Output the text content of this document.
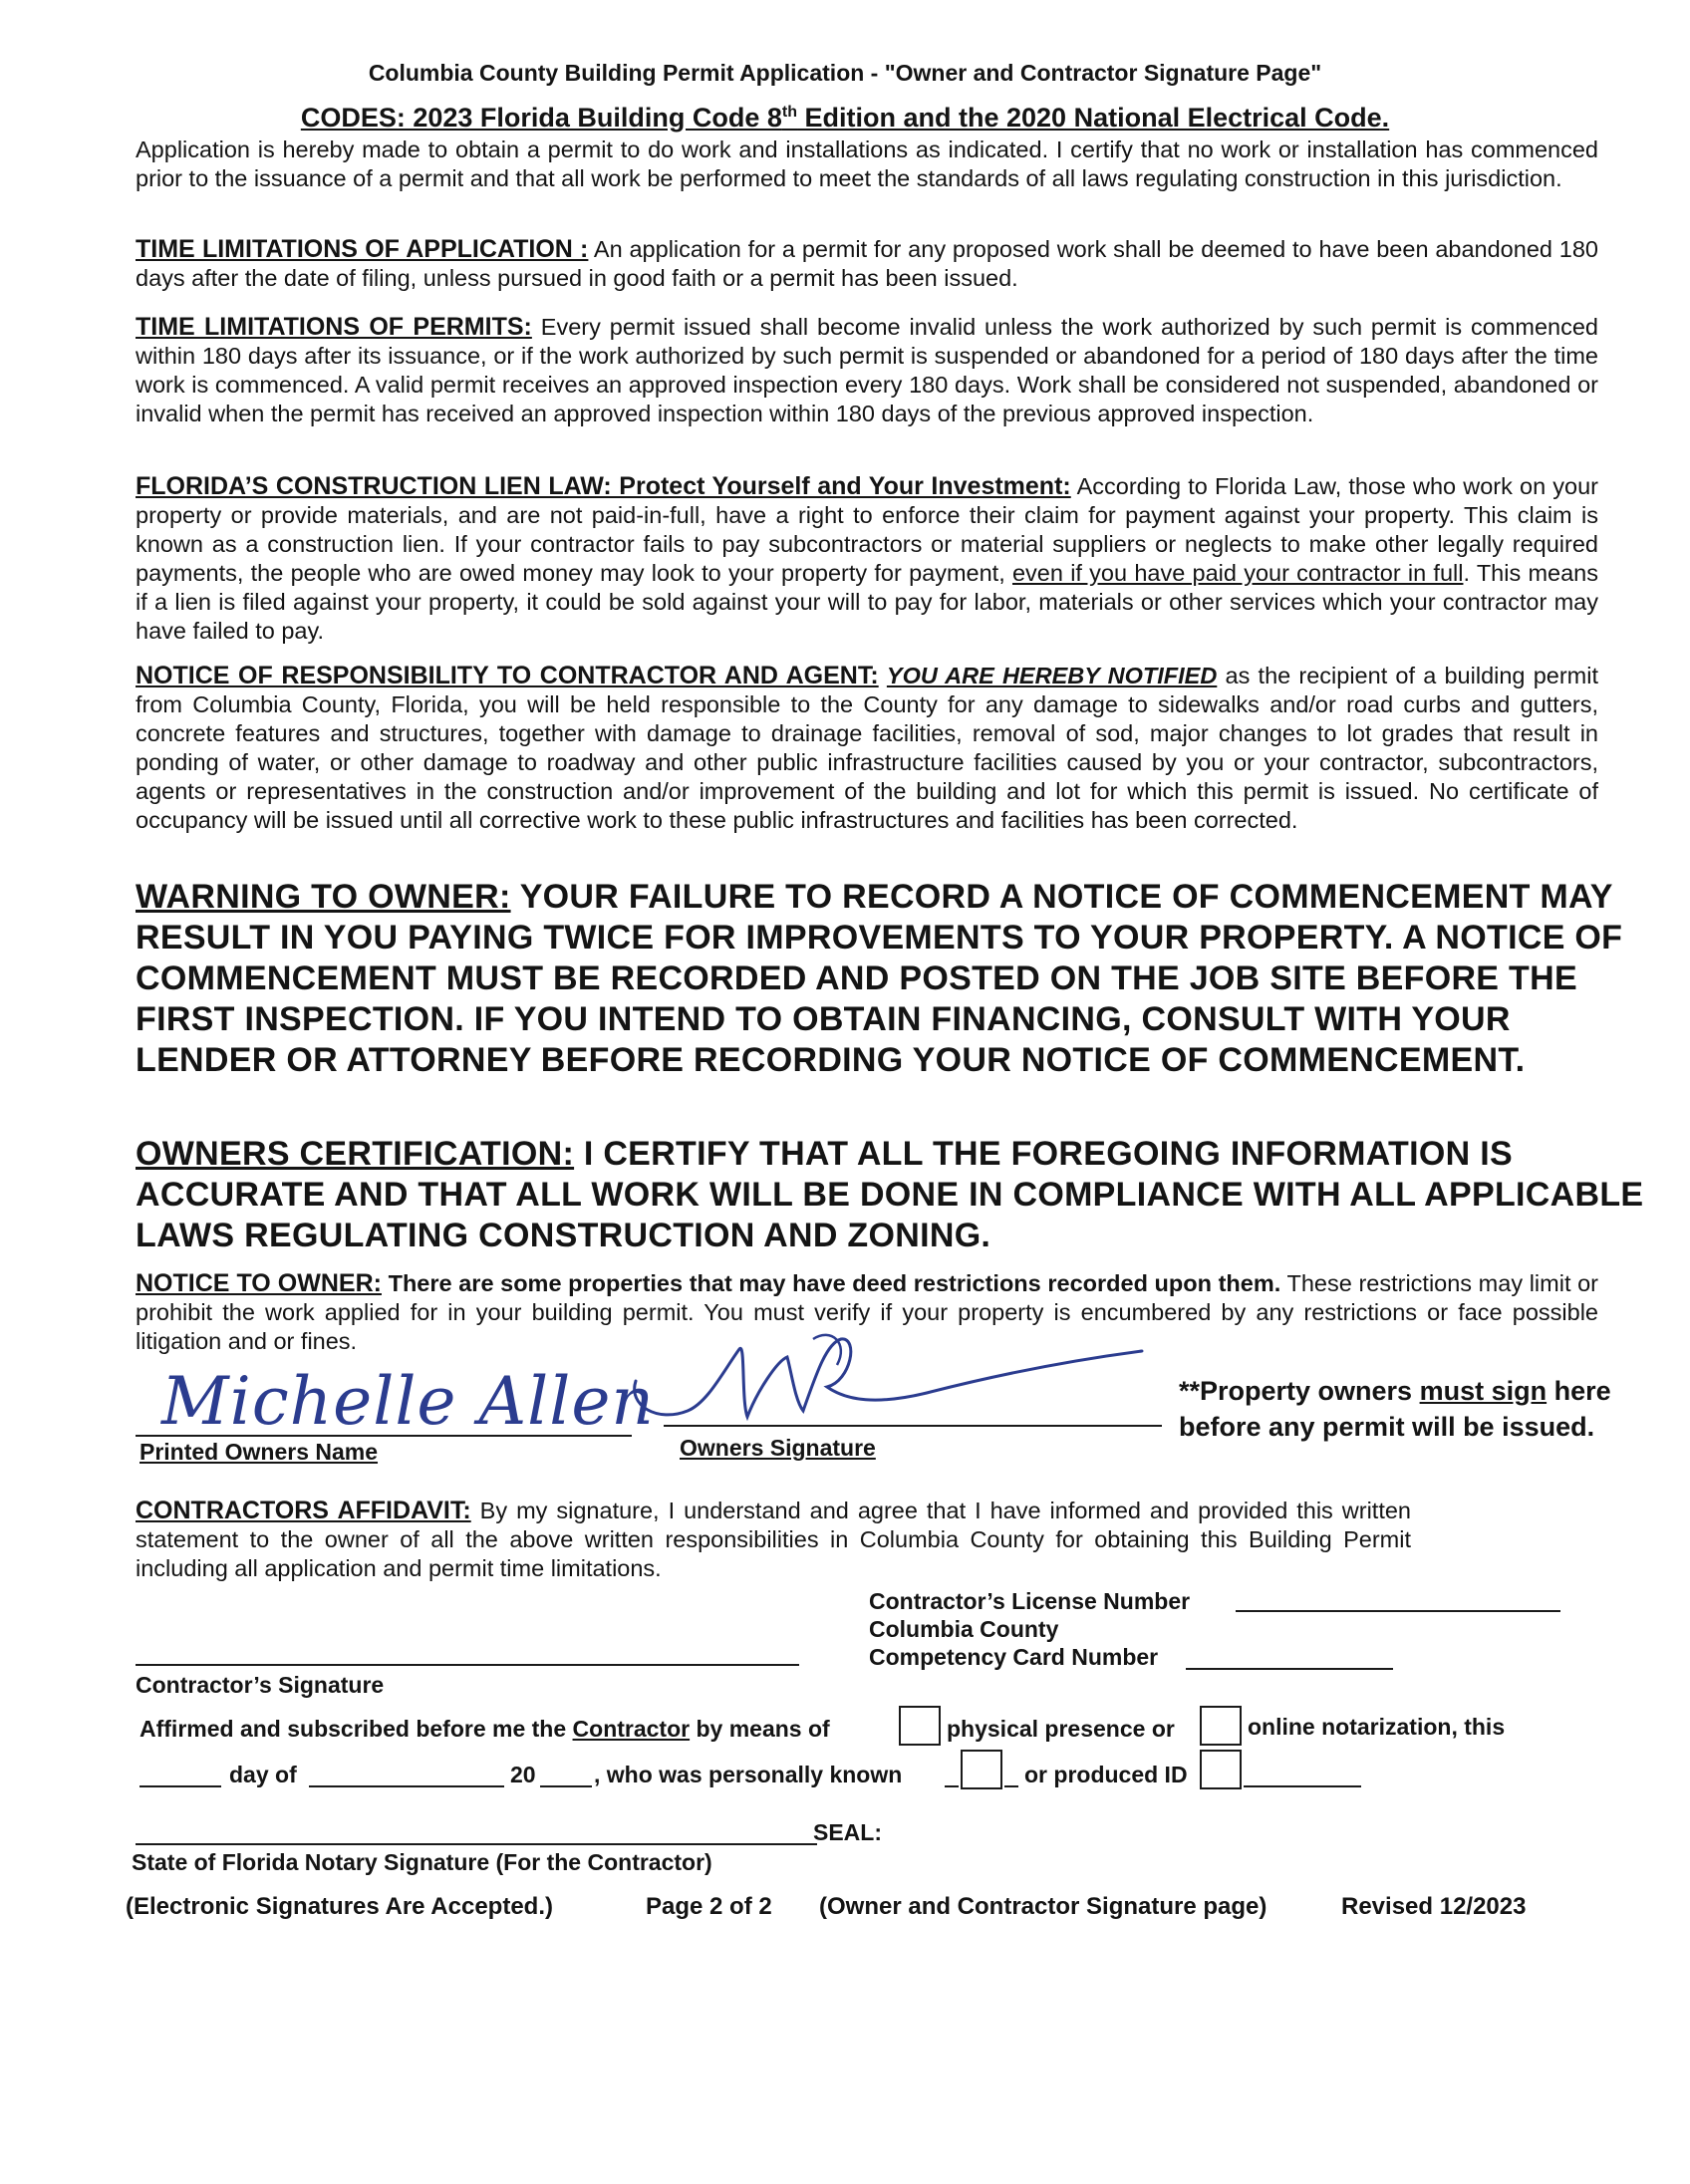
Columbia County Building Permit Application - "Owner and Contractor Signature Page"
CODES: 2023 Florida Building Code 8th Edition and the 2020 National Electrical Code.
Application is hereby made to obtain a permit to do work and installations as indicated. I certify that no work or installation has commenced prior to the issuance of a permit and that all work be performed to meet the standards of all laws regulating construction in this jurisdiction.
TIME LIMITATIONS OF APPLICATION : An application for a permit for any proposed work shall be deemed to have been abandoned 180 days after the date of filing, unless pursued in good faith or a permit has been issued.
TIME LIMITATIONS OF PERMITS: Every permit issued shall become invalid unless the work authorized by such permit is commenced within 180 days after its issuance, or if the work authorized by such permit is suspended or abandoned for a period of 180 days after the time work is commenced. A valid permit receives an approved inspection every 180 days. Work shall be considered not suspended, abandoned or invalid when the permit has received an approved inspection within 180 days of the previous approved inspection.
FLORIDA’S CONSTRUCTION LIEN LAW: Protect Yourself and Your Investment: According to Florida Law, those who work on your property or provide materials, and are not paid-in-full, have a right to enforce their claim for payment against your property. This claim is known as a construction lien. If your contractor fails to pay subcontractors or material suppliers or neglects to make other legally required payments, the people who are owed money may look to your property for payment, even if you have paid your contractor in full. This means if a lien is filed against your property, it could be sold against your will to pay for labor, materials or other services which your contractor may have failed to pay.
NOTICE OF RESPONSIBILITY TO CONTRACTOR AND AGENT: YOU ARE HEREBY NOTIFIED as the recipient of a building permit from Columbia County, Florida, you will be held responsible to the County for any damage to sidewalks and/or road curbs and gutters, concrete features and structures, together with damage to drainage facilities, removal of sod, major changes to lot grades that result in ponding of water, or other damage to roadway and other public infrastructure facilities caused by you or your contractor, subcontractors, agents or representatives in the construction and/or improvement of the building and lot for which this permit is issued. No certificate of occupancy will be issued until all corrective work to these public infrastructures and facilities has been corrected.
WARNING TO OWNER: YOUR FAILURE TO RECORD A NOTICE OF COMMENCEMENT MAY RESULT IN YOU PAYING TWICE FOR IMPROVEMENTS TO YOUR PROPERTY. A NOTICE OF COMMENCEMENT MUST BE RECORDED AND POSTED ON THE JOB SITE BEFORE THE FIRST INSPECTION. IF YOU INTEND TO OBTAIN FINANCING, CONSULT WITH YOUR LENDER OR ATTORNEY BEFORE RECORDING YOUR NOTICE OF COMMENCEMENT.
OWNERS CERTIFICATION: I CERTIFY THAT ALL THE FOREGOING INFORMATION IS ACCURATE AND THAT ALL WORK WILL BE DONE IN COMPLIANCE WITH ALL APPLICABLE LAWS REGULATING CONSTRUCTION AND ZONING.
NOTICE TO OWNER: There are some properties that may have deed restrictions recorded upon them. These restrictions may limit or prohibit the work applied for in your building permit. You must verify if your property is encumbered by any restrictions or face possible litigation and or fines.
Michelle Allen
Printed Owners Name	Owners Signature
**Property owners must sign here before any permit will be issued.
CONTRACTORS AFFIDAVIT: By my signature, I understand and agree that I have informed and provided this written statement to the owner of all the above written responsibilities in Columbia County for obtaining this Building Permit including all application and permit time limitations.
Contractor’s License Number
Columbia County
Competency Card Number
Contractor’s Signature
Affirmed and subscribed before me the Contractor by means of	physical presence or	online notarization, this
day of	20	, who was personally known	or produced ID
SEAL:
State of Florida Notary Signature (For the Contractor)
(Electronic Signatures Are Accepted.)	Page 2 of 2 (Owner and Contractor Signature page)	Revised 12/2023
